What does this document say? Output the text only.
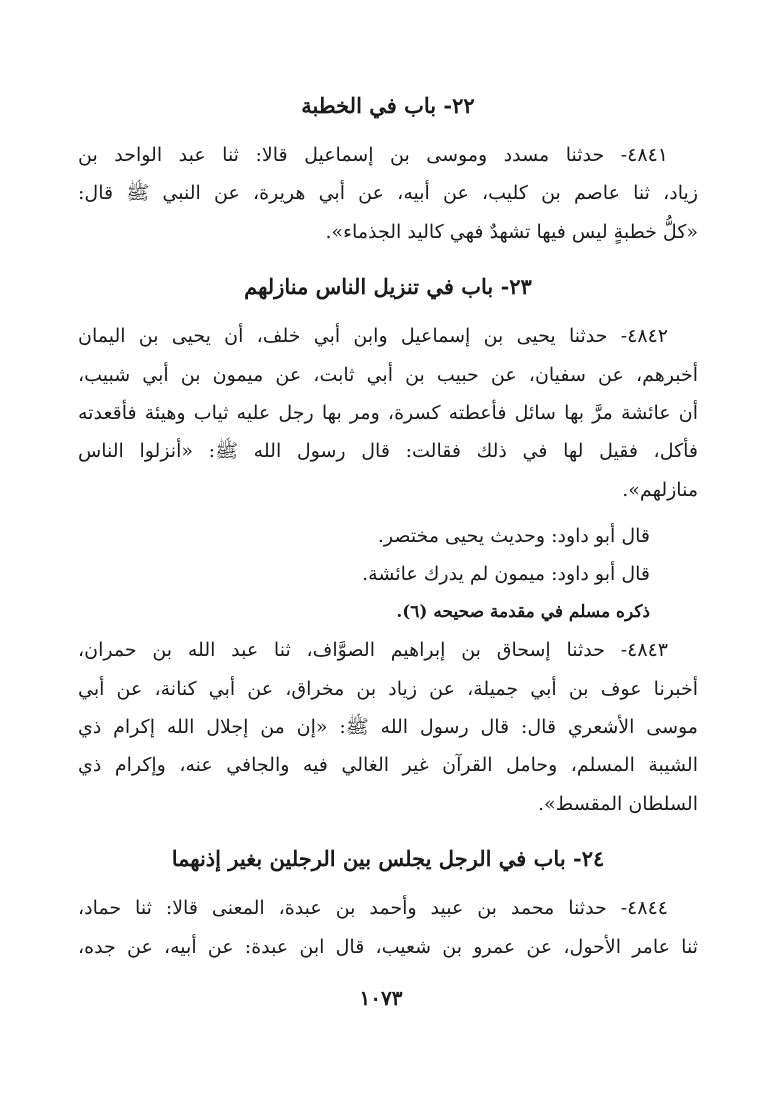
٢٢- باب في الخطبة

٤٨٤١- حدثنا مسدد وموسى بن إسماعيل قالا: ثنا عبد الواحد بن
زياد، ثنا عاصم بن كليب، عن أبيه، عن أبي هريرة، عن النبي ﷺ قال:
«كلُّ خطبةٍ ليس فيها تشهدٌ فهي كاليد الجذماء».

٢٣- باب في تنزيل الناس منازلهم

٤٨٤٢- حدثنا يحيى بن إسماعيل وابن أبي خلف، أن يحيى بن اليمان
أخبرهم، عن سفيان، عن حبيب بن أبي ثابت، عن ميمون بن أبي شبيب،
أن عائشة مرَّ بها سائل فأعطته كسرة، ومر بها رجل عليه ثياب وهيئة فأقعدته
فأكل، فقيل لها في ذلك فقالت: قال رسول الله ﷺ: «أنزلوا الناس
منازلهم».

قال أبو داود: وحديث يحيى مختصر.

قال أبو داود: ميمون لم يدرك عائشة.

ذكره مسلم في مقدمة صحيحه (٦).

٤٨٤٣- حدثنا إسحاق بن إبراهيم الصوَّاف، ثنا عبد الله بن حمران،
أخبرنا عوف بن أبي جميلة، عن زياد بن مخراق، عن أبي كنانة، عن أبي
موسى الأشعري قال: قال رسول الله ﷺ: «إن من إجلال الله إكرام ذي
الشيبة المسلم، وحامل القرآن غير الغالي فيه والجافي عنه، وإكرام ذي
السلطان المقسط».

٢٤- باب في الرجل يجلس بين الرجلين بغير إذنهما

٤٨٤٤- حدثنا محمد بن عبيد وأحمد بن عبدة، المعنى قالا: ثنا حماد،
ثنا عامر الأحول، عن عمرو بن شعيب، قال ابن عبدة: عن أبيه، عن جده،

١٠٧٣
